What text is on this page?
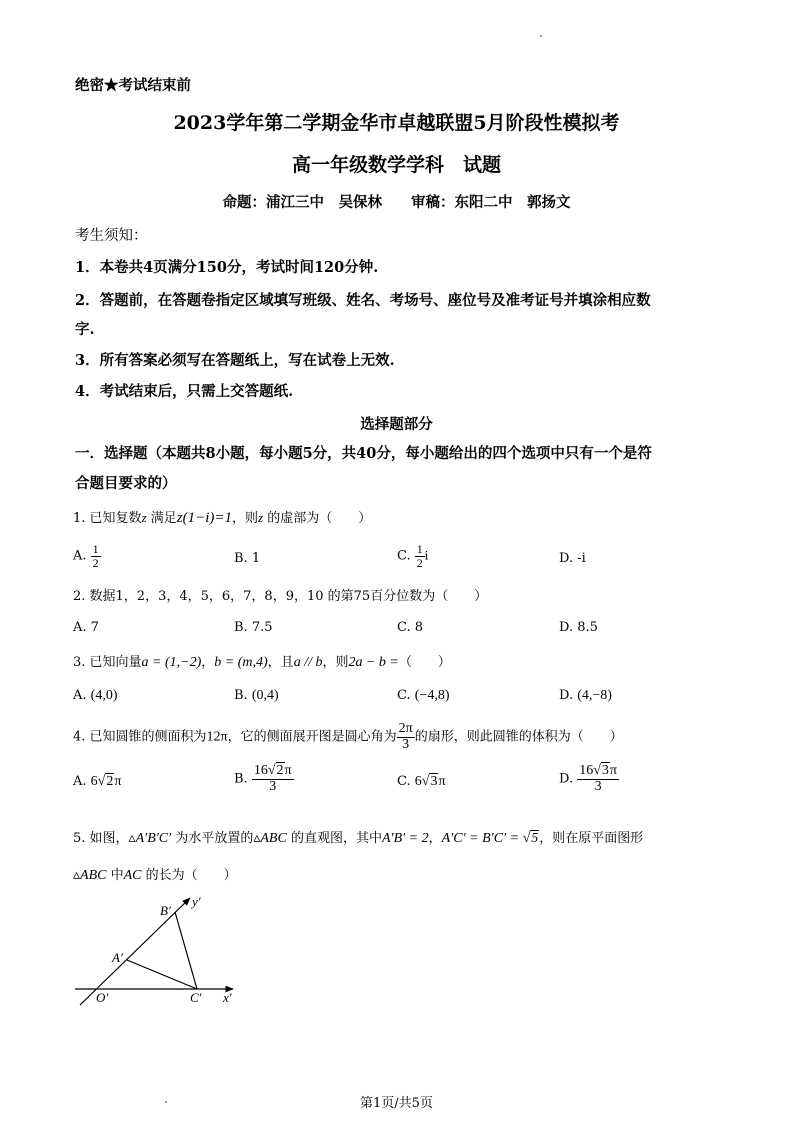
绝密★考试结束前
2023学年第二学期金华市卓越联盟5月阶段性模拟考
高一年级数学学科　试题
命题：浦江三中　吴保林　　审稿：东阳二中　郭扬文
考生须知：
1．本卷共4页满分150分，考试时间120分钟.
2．答题前，在答题卷指定区域填写班级、姓名、考场号、座位号及准考证号并填涂相应数
字.
3．所有答案必须写在答题纸上，写在试卷上无效.
4．考试结束后，只需上交答题纸.
选择题部分
一．选择题（本题共8小题，每小题5分，共40分，每小题给出的四个选项中只有一个是符
合题目要求的）
1. 已知复数z 满足z(1−i)=1，则z 的虚部为（　　）
A. $\frac{1}{2}$	B. 1	C. $\frac{1}{2}$ i	D. -i
2. 数据1，2，3，4，5，6，7，8，9，10 的第75百分位数为（　　）
A. 7	B. 7.5	C. 8	D. 8.5
3. 已知向量a = (1,−2)，b = (m,4)，且a // b，则2a − b =（　　）
A. (4,0)	B. (0,4)	C. (−4,8)	D. (4,−8)
4. 已知圆锥的侧面积为12π，它的侧面展开图是圆心角为 $\frac{2\pi}{3}$ 的扇形，则此圆锥的体积为（　　）
A. 6√2π	B. $\frac{16√2\pi}{3}$	C. 6√3π	D. $\frac{16√3\pi}{3}$
5. 如图，▵A′B′C′ 为水平放置的▵ABC 的直观图，其中A′B′ = 2，A′C′ = B′C′ = √5，则在原平面图形
▵ABC 中AC 的长为（　　）
B′
y′
A′
O′	C′ x′
第1页/共5页
